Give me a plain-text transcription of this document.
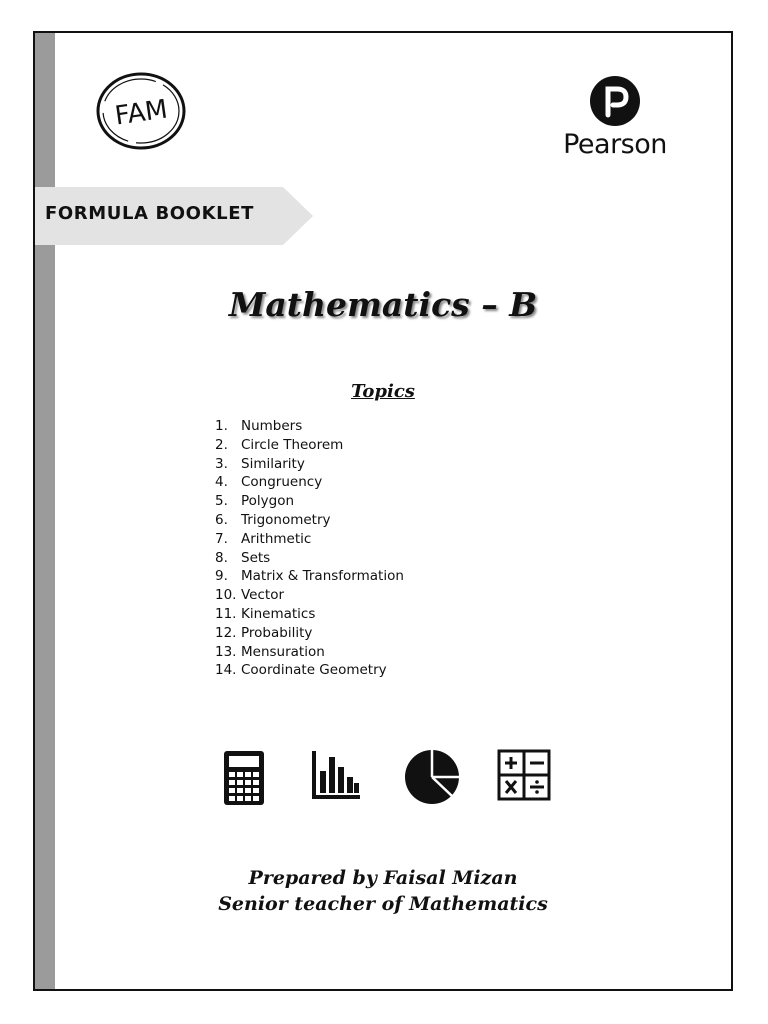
FAM
Pearson
FORMULA BOOKLET
Mathematics – B
Topics
1. Numbers
2. Circle Theorem
3. Similarity
4. Congruency
5. Polygon
6. Trigonometry
7. Arithmetic
8. Sets
9. Matrix & Transformation
10. Vector
11. Kinematics
12. Probability
13. Mensuration
14. Coordinate Geometry
Prepared by Faisal Mizan
Senior teacher of Mathematics
